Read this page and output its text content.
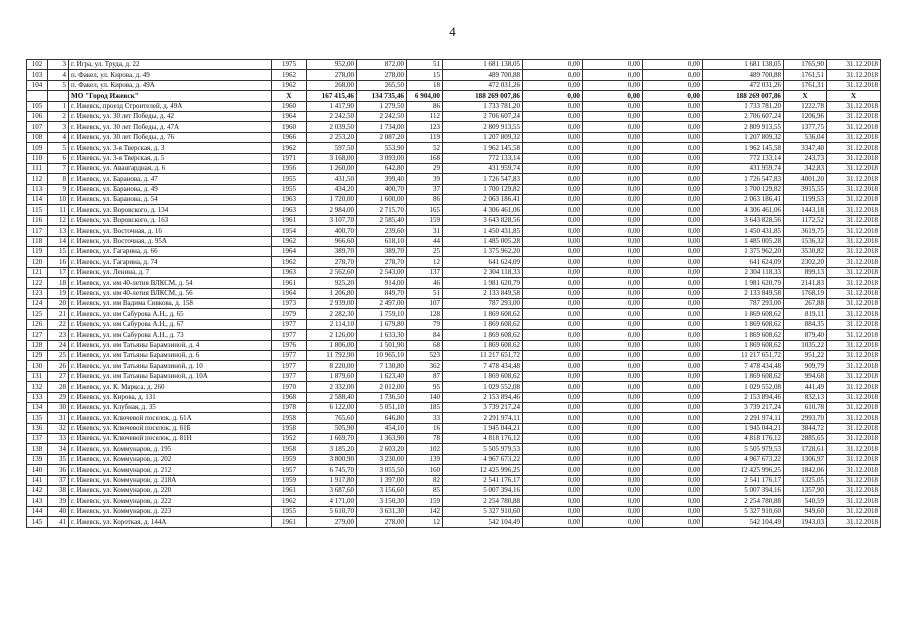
4
102	3	г. Игра, ул. Труда, д. 22	1975	952,00	872,00	51	1 681 138,05	0,00	0,00	0,00	1 681 138,05	1765,90	31.12.2018
103	4	п. Факел, ул. Кирова, д. 49	1962	278,00	278,00	15	489 700,88	0,00	0,00	0,00	489 700,88	1761,51	31.12.2018
104	5	п. Факел, ул. Кирова, д. 49А	1962	268,00	265,50	18	472 031,26	0,00	0,00	0,00	472 031,26	1761,31	31.12.2018
		МО "Город Ижевск"	X	167 415,46	134 735,46	6 904,00	188 269 007,86	0,00	0,00	0,00	188 269 007,86	X	X
105	1	г. Ижевск, проезд Строителей, д. 49А	1960	1 417,90	1 279,50	86	1 733 781,20	0,00	0,00	0,00	1 733 781,20	1222,78	31.12.2018
106	2	г. Ижевск, ул. 30 лет Победы, д. 42	1964	2 242,50	2 242,50	112	2 706 607,24	0,00	0,00	0,00	2 706 607,24	1206,96	31.12.2018
107	3	г. Ижевск, ул. 30 лет Победы, д. 47А	1960	2 039,50	1 734,00	123	2 809 913,55	0,00	0,00	0,00	2 809 913,55	1377,75	31.12.2018
108	4	г. Ижевск, ул. 30 лет Победы, д. 76	1966	2 253,20	2 087,20	119	1 207 809,32	0,00	0,00	0,00	1 207 809,32	536,04	31.12.2018
109	5	г. Ижевск, ул. 3-я Тверская, д. 3	1962	597,50	553,90	52	1 962 145,58	0,00	0,00	0,00	1 962 145,58	3347,40	31.12.2018
110	6	г. Ижевск, ул. 3-я Тверская, д. 5	1971	3 168,00	3 093,00	168	772 133,14	0,00	0,00	0,00	772 133,14	243,73	31.12.2018
111	7	г. Ижевск, ул. Авангардная, д. 6	1956	1 260,00	642,80	29	431 959,74	0,00	0,00	0,00	431 959,74	342,83	31.12.2018
112	8	г. Ижевск, ул. Баранова, д. 47	1955	431,50	399,40	39	1 726 547,83	0,00	0,00	0,00	1 726 547,83	4001,20	31.12.2018
113	9	г. Ижевск, ул. Баранова, д. 49	1955	434,20	400,70	37	1 700 129,82	0,00	0,00	0,00	1 700 129,82	3915,55	31.12.2018
114	10	г. Ижевск, ул. Баранова, д. 54	1963	1 720,00	1 600,00	86	2 063 186,41	0,00	0,00	0,00	2 063 186,41	1199,53	31.12.2018
115	11	г. Ижевск, ул. Воровского, д. 134	1963	2 984,00	2 715,70	165	4 306 461,06	0,00	0,00	0,00	4 306 461,06	1443,18	31.12.2018
116	12	г. Ижевск, ул. Воровского, д. 163	1961	3 107,70	2 585,40	159	3 643 828,56	0,00	0,00	0,00	3 643 828,56	1172,52	31.12.2018
117	13	г. Ижевск, ул. Восточная, д. 16	1954	400,70	239,60	31	1 450 431,85	0,00	0,00	0,00	1 450 431,85	3619,75	31.12.2018
118	14	г. Ижевск, ул. Восточная, д. 95А	1962	966,60	618,10	44	1 485 005,28	0,00	0,00	0,00	1 485 005,28	1536,32	31.12.2018
119	15	г. Ижевск, ул. Гагарина, д. 66	1964	389,70	389,70	25	1 375 962,20	0,00	0,00	0,00	1 375 962,20	3530,82	31.12.2018
120	16	г. Ижевск, ул. Гагарина, д. 74	1962	278,70	278,70	12	641 624,09	0,00	0,00	0,00	641 624,09	2302,20	31.12.2018
121	17	г. Ижевск, ул. Ленина, д. 7	1963	2 562,60	2 543,00	137	2 304 118,33	0,00	0,00	0,00	2 304 118,33	899,13	31.12.2018
122	18	г. Ижевск, ул. им 40-летия ВЛКСМ, д. 54	1961	925,20	914,00	46	1 981 620,79	0,00	0,00	0,00	1 981 620,79	2141,83	31.12.2018
123	19	г. Ижевск, ул. им 40-летия ВЛКСМ, д. 56	1964	1 206,80	849,70	51	2 133 849,58	0,00	0,00	0,00	2 133 849,58	1768,19	31.12.2018
124	20	г. Ижевск, ул. им Вадима Сивкова, д. 158	1973	2 939,00	2 497,00	107	787 293,00	0,00	0,00	0,00	787 293,00	267,88	31.12.2018
125	21	г. Ижевск, ул. им Сабурова А.Н., д. 65	1979	2 282,30	1 759,10	128	1 869 608,62	0,00	0,00	0,00	1 869 608,62	819,11	31.12.2018
126	22	г. Ижевск, ул. им Сабурова А.Н., д. 67	1977	2 114,10	1 679,80	79	1 869 608,62	0,00	0,00	0,00	1 869 608,62	884,35	31.12.2018
127	23	г. Ижевск, ул. им Сабурова А.Н., д. 73	1977	2 126,00	1 633,30	84	1 869 608,62	0,00	0,00	0,00	1 869 608,62	879,40	31.12.2018
128	24	г. Ижевск, ул. им Татьяны Барамзиной, д. 4	1976	1 806,00	1 501,90	68	1 869 608,62	0,00	0,00	0,00	1 869 608,62	1035,22	31.12.2018
129	25	г. Ижевск, ул. им Татьяны Барамзиной, д. 6	1977	11 792,90	10 965,10	523	11 217 651,72	0,00	0,00	0,00	11 217 651,72	951,22	31.12.2018
130	26	г. Ижевск, ул. им Татьяны Барамзиной, д. 10	1977	8 220,00	7 130,80	362	7 478 434,48	0,00	0,00	0,00	7 478 434,48	909,79	31.12.2018
131	27	г. Ижевск, ул. им Татьяны Барамзиной, д. 10А	1977	1 879,60	1 623,40	87	1 869 608,62	0,00	0,00	0,00	1 869 608,62	994,68	31.12.2018
132	28	г. Ижевск, ул. К. Маркса, д. 260	1970	2 332,00	2 012,00	95	1 029 552,08	0,00	0,00	0,00	1 029 552,08	441,49	31.12.2018
133	29	г. Ижевск, ул. Кирова, д. 131	1968	2 588,40	1 736,50	140	2 153 894,46	0,00	0,00	0,00	2 153 894,46	832,13	31.12.2018
134	30	г. Ижевск, ул. Клубная, д. 35	1978	6 122,00	5 051,10	185	3 739 217,24	0,00	0,00	0,00	3 739 217,24	610,78	31.12.2018
135	31	г. Ижевск, ул. Ключевой поселок, д. 61А	1958	765,60	646,80	33	2 291 974,11	0,00	0,00	0,00	2 291 974,11	2993,70	31.12.2018
136	32	г. Ижевск, ул. Ключевой поселок, д. 61Б	1958	505,90	454,10	16	1 945 044,21	0,00	0,00	0,00	1 945 044,21	3844,72	31.12.2018
137	33	г. Ижевск, ул. Ключевой поселок, д. 81Н	1952	1 669,70	1 363,90	78	4 818 176,12	0,00	0,00	0,00	4 818 176,12	2885,65	31.12.2018
138	34	г. Ижевск, ул. Коммунаров, д. 195	1958	3 185,20	2 603,20	102	5 505 979,53	0,00	0,00	0,00	5 505 979,53	1728,61	31.12.2018
139	35	г. Ижевск, ул. Коммунаров, д. 202	1959	3 800,90	3 230,00	139	4 967 673,22	0,00	0,00	0,00	4 967 673,22	1306,97	31.12.2018
140	36	г. Ижевск, ул. Коммунаров, д. 212	1957	6 745,70	3 055,50	160	12 425 996,25	0,00	0,00	0,00	12 425 996,25	1842,06	31.12.2018
141	37	г. Ижевск, ул. Коммунаров, д. 218А	1959	1 917,80	1 397,00	82	2 541 176,17	0,00	0,00	0,00	2 541 176,17	1325,05	31.12.2018
142	38	г. Ижевск, ул. Коммунаров, д. 220	1961	3 687,60	3 156,60	85	5 007 394,16	0,00	0,00	0,00	5 007 394,16	1357,90	31.12.2018
143	39	г. Ижевск, ул. Коммунаров, д. 222	1962	4 171,00	3 150,30	159	2 254 780,88	0,00	0,00	0,00	2 254 780,88	540,59	31.12.2018
144	40	г. Ижевск, ул. Коммунаров, д. 223	1955	5 610,70	3 631,30	142	5 327 910,60	0,00	0,00	0,00	5 327 910,60	949,60	31.12.2018
145	41	г. Ижевск, ул. Короткая, д. 144А	1961	279,00	278,00	12	542 104,49	0,00	0,00	0,00	542 104,49	1943,03	31.12.2018
